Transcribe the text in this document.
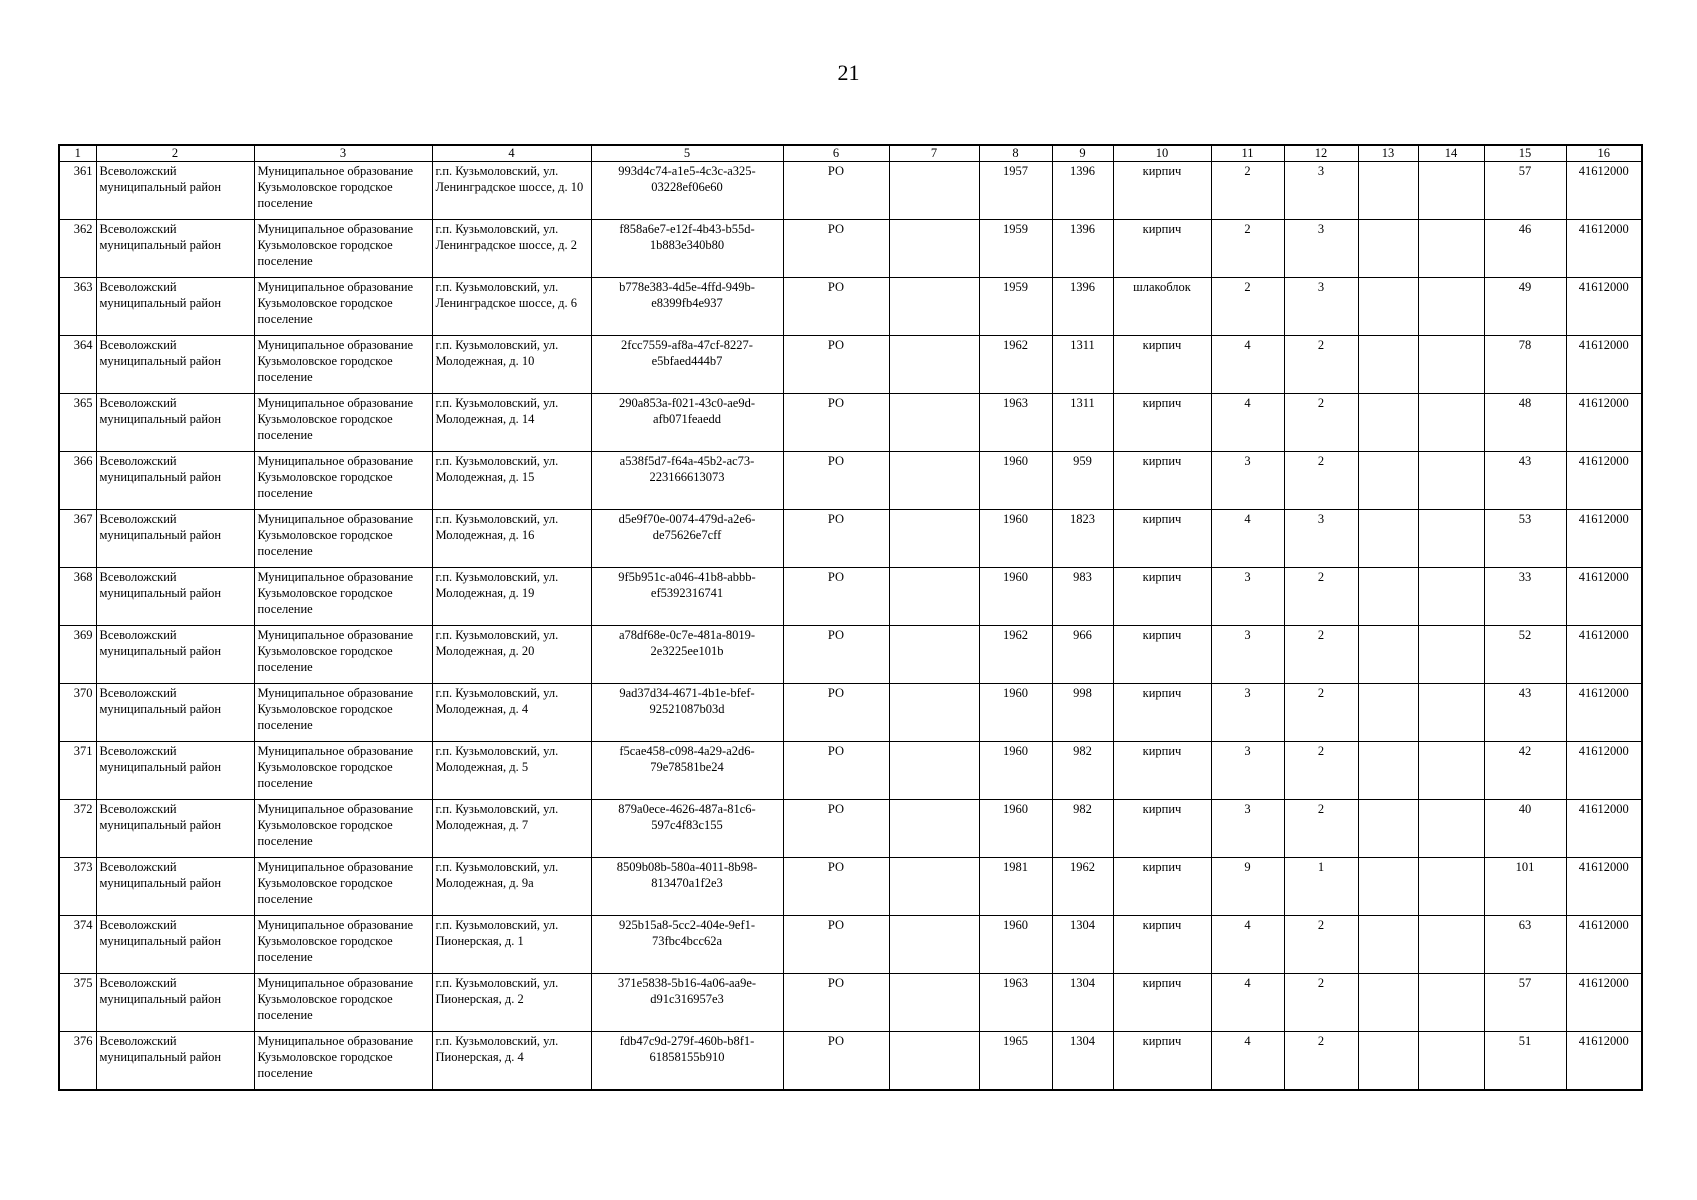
21
1	2	3	4	5	6	7	8	9	10	11	12	13	14	15	16
361	Всеволожский муниципальный район	Муниципальное образование Кузьмоловское городское поселение	г.п. Кузьмоловский, ул. Ленинградское шоссе, д. 10	993d4c74-a1e5-4c3c-a325-03228ef06e60	РО		1957	1396	кирпич	2	3			57	41612000
362	Всеволожский муниципальный район	Муниципальное образование Кузьмоловское городское поселение	г.п. Кузьмоловский, ул. Ленинградское шоссе, д. 2	f858a6e7-e12f-4b43-b55d-1b883e340b80	РО		1959	1396	кирпич	2	3			46	41612000
363	Всеволожский муниципальный район	Муниципальное образование Кузьмоловское городское поселение	г.п. Кузьмоловский, ул. Ленинградское шоссе, д. 6	b778e383-4d5e-4ffd-949b-e8399fb4e937	РО		1959	1396	шлакоблок	2	3			49	41612000
364	Всеволожский муниципальный район	Муниципальное образование Кузьмоловское городское поселение	г.п. Кузьмоловский, ул. Молодежная, д. 10	2fcc7559-af8a-47cf-8227-e5bfaed444b7	РО		1962	1311	кирпич	4	2			78	41612000
365	Всеволожский муниципальный район	Муниципальное образование Кузьмоловское городское поселение	г.п. Кузьмоловский, ул. Молодежная, д. 14	290a853a-f021-43c0-ae9d-afb071feaedd	РО		1963	1311	кирпич	4	2			48	41612000
366	Всеволожский муниципальный район	Муниципальное образование Кузьмоловское городское поселение	г.п. Кузьмоловский, ул. Молодежная, д. 15	a538f5d7-f64a-45b2-ac73-223166613073	РО		1960	959	кирпич	3	2			43	41612000
367	Всеволожский муниципальный район	Муниципальное образование Кузьмоловское городское поселение	г.п. Кузьмоловский, ул. Молодежная, д. 16	d5e9f70e-0074-479d-a2e6-de75626e7cff	РО		1960	1823	кирпич	4	3			53	41612000
368	Всеволожский муниципальный район	Муниципальное образование Кузьмоловское городское поселение	г.п. Кузьмоловский, ул. Молодежная, д. 19	9f5b951c-a046-41b8-abbb-ef5392316741	РО		1960	983	кирпич	3	2			33	41612000
369	Всеволожский муниципальный район	Муниципальное образование Кузьмоловское городское поселение	г.п. Кузьмоловский, ул. Молодежная, д. 20	a78df68e-0c7e-481a-8019-2e3225ee101b	РО		1962	966	кирпич	3	2			52	41612000
370	Всеволожский муниципальный район	Муниципальное образование Кузьмоловское городское поселение	г.п. Кузьмоловский, ул. Молодежная, д. 4	9ad37d34-4671-4b1e-bfef-92521087b03d	РО		1960	998	кирпич	3	2			43	41612000
371	Всеволожский муниципальный район	Муниципальное образование Кузьмоловское городское поселение	г.п. Кузьмоловский, ул. Молодежная, д. 5	f5cae458-c098-4a29-a2d6-79e78581be24	РО		1960	982	кирпич	3	2			42	41612000
372	Всеволожский муниципальный район	Муниципальное образование Кузьмоловское городское поселение	г.п. Кузьмоловский, ул. Молодежная, д. 7	879a0ece-4626-487a-81c6-597c4f83c155	РО		1960	982	кирпич	3	2			40	41612000
373	Всеволожский муниципальный район	Муниципальное образование Кузьмоловское городское поселение	г.п. Кузьмоловский, ул. Молодежная, д. 9а	8509b08b-580a-4011-8b98-813470a1f2e3	РО		1981	1962	кирпич	9	1			101	41612000
374	Всеволожский муниципальный район	Муниципальное образование Кузьмоловское городское поселение	г.п. Кузьмоловский, ул. Пионерская, д. 1	925b15a8-5cc2-404e-9ef1-73fbc4bcc62a	РО		1960	1304	кирпич	4	2			63	41612000
375	Всеволожский муниципальный район	Муниципальное образование Кузьмоловское городское поселение	г.п. Кузьмоловский, ул. Пионерская, д. 2	371e5838-5b16-4a06-aa9e-d91c316957e3	РО		1963	1304	кирпич	4	2			57	41612000
376	Всеволожский муниципальный район	Муниципальное образование Кузьмоловское городское поселение	г.п. Кузьмоловский, ул. Пионерская, д. 4	fdb47c9d-279f-460b-b8f1-61858155b910	РО		1965	1304	кирпич	4	2			51	41612000
